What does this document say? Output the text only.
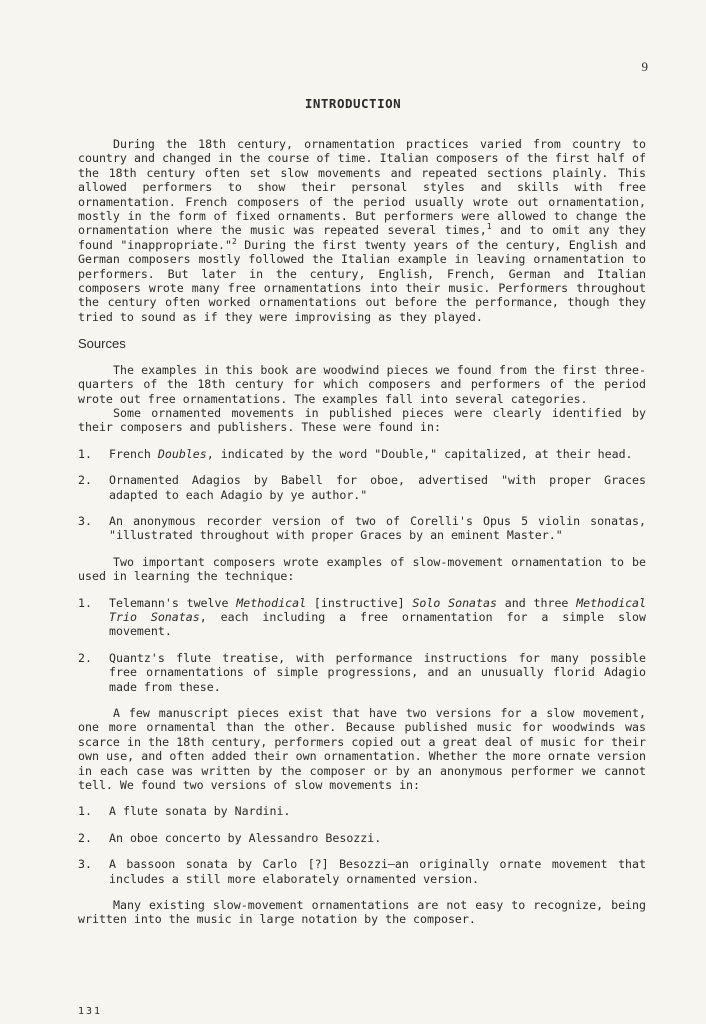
9
INTRODUCTION

During the 18th century, ornamentation practices varied from country to country and changed in the course of time. Italian composers of the first half of the 18th century often set slow movements and repeated sections plainly. This allowed performers to show their personal styles and skills with free ornamentation. French composers of the period usually wrote out ornamentation, mostly in the form of fixed ornaments. But performers were allowed to change the ornamentation where the music was repeated several times,$^1$ and to omit any they found "inappropriate."$^2$ During the first twenty years of the century, English and German composers mostly followed the Italian example in leaving ornamentation to performers. But later in the century, English, French, German and Italian composers wrote many free ornamentations into their music. Performers throughout the century often worked ornamentations out before the performance, though they tried to sound as if they were improvising as they played.

Sources

The examples in this book are woodwind pieces we found from the first three-quarters of the 18th century for which composers and performers of the period wrote out free ornamentations. The examples fall into several categories.

Some ornamented movements in published pieces were clearly identified by their composers and publishers. These were found in:

1.	French Doubles, indicated by the word "Double," capitalized, at their head.
2.	Ornamented Adagios by Babell for oboe, advertised "with proper Graces adapted to each Adagio by ye author."
3.	An anonymous recorder version of two of Corelli's Opus 5 violin sonatas, "illustrated throughout with proper Graces by an eminent Master."

Two important composers wrote examples of slow-movement ornamentation to be used in learning the technique:

1.	Telemann's twelve Methodical [instructive] Solo Sonatas and three Methodical Trio Sonatas, each including a free ornamentation for a simple slow movement.
2.	Quantz's flute treatise, with performance instructions for many possible free ornamentations of simple progressions, and an unusually florid Adagio made from these.

A few manuscript pieces exist that have two versions for a slow movement, one more ornamental than the other. Because published music for woodwinds was scarce in the 18th century, performers copied out a great deal of music for their own use, and often added their own ornamentation. Whether the more ornate version in each case was written by the composer or by an anonymous performer we cannot tell. We found two versions of slow movements in:

1.	A flute sonata by Nardini.
2.	An oboe concerto by Alessandro Besozzi.
3.	A bassoon sonata by Carlo [?] Besozzi—an originally ornate movement that includes a still more elaborately ornamented version.

Many existing slow-movement ornamentations are not easy to recognize, being written into the music in large notation by the composer.

131
